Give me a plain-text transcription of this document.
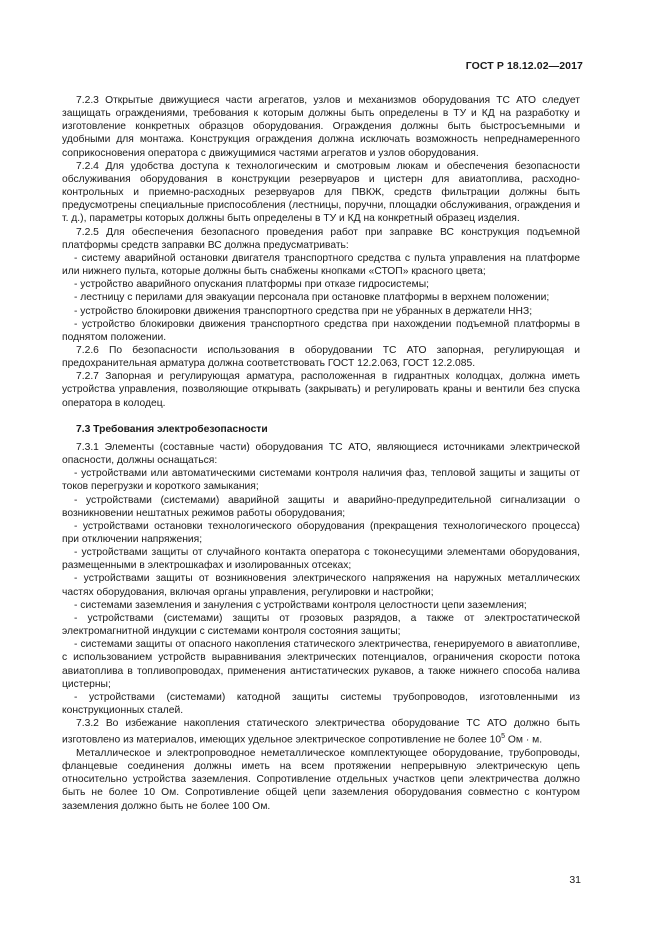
ГОСТ Р 18.12.02—2017

7.2.3 Открытые движущиеся части агрегатов, узлов и механизмов оборудования ТС АТО следует защищать ограждениями, требования к которым должны быть определены в ТУ и КД на разработку и изготовление конкретных образцов оборудования. Ограждения должны быть быстросъемными и удобными для монтажа. Конструкция ограждения должна исключать возможность непреднамеренного соприкосновения оператора с движущимися частями агрегатов и узлов оборудования.

7.2.4 Для удобства доступа к технологическим и смотровым люкам и обеспечения безопасности обслуживания оборудования в конструкции резервуаров и цистерн для авиатоплива, расходно-контрольных и приемно-расходных резервуаров для ПВКЖ, средств фильтрации должны быть предусмотрены специальные приспособления (лестницы, поручни, площадки обслуживания, ограждения и т. д.), параметры которых должны быть определены в ТУ и КД на конкретный образец изделия.

7.2.5 Для обеспечения безопасного проведения работ при заправке ВС конструкция подъемной платформы средств заправки ВС должна предусматривать:

- систему аварийной остановки двигателя транспортного средства с пульта управления на платформе или нижнего пульта, которые должны быть снабжены кнопками «СТОП» красного цвета;

- устройство аварийного опускания платформы при отказе гидросистемы;

- лестницу с перилами для эвакуации персонала при остановке платформы в верхнем положении;

- устройство блокировки движения транспортного средства при не убранных в держатели ННЗ;

- устройство блокировки движения транспортного средства при нахождении подъемной платформы в поднятом положении.

7.2.6 По безопасности использования в оборудовании ТС АТО запорная, регулирующая и предохранительная арматура должна соответствовать ГОСТ 12.2.063, ГОСТ 12.2.085.

7.2.7 Запорная и регулирующая арматура, расположенная в гидрантных колодцах, должна иметь устройства управления, позволяющие открывать (закрывать) и регулировать краны и вентили без спуска оператора в колодец.

7.3 Требования электробезопасности

7.3.1 Элементы (составные части) оборудования ТС АТО, являющиеся источниками электрической опасности, должны оснащаться:

- устройствами или автоматическими системами контроля наличия фаз, тепловой защиты и защиты от токов перегрузки и короткого замыкания;

- устройствами (системами) аварийной защиты и аварийно-предупредительной сигнализации о возникновении нештатных режимов работы оборудования;

- устройствами остановки технологического оборудования (прекращения технологического процесса) при отключении напряжения;

- устройствами защиты от случайного контакта оператора с токонесущими элементами оборудования, размещенными в электрошкафах и изолированных отсеках;

- устройствами защиты от возникновения электрического напряжения на наружных металлических частях оборудования, включая органы управления, регулировки и настройки;

- системами заземления и зануления с устройствами контроля целостности цепи заземления;

- устройствами (системами) защиты от грозовых разрядов, а также от электростатической электромагнитной индукции с системами контроля состояния защиты;

- системами защиты от опасного накопления статического электричества, генерируемого в авиатопливе, с использованием устройств выравнивания электрических потенциалов, ограничения скорости потока авиатоплива в топливопроводах, применения антистатических рукавов, а также нижнего способа налива цистерны;

- устройствами (системами) катодной защиты системы трубопроводов, изготовленными из конструкционных сталей.

7.3.2 Во избежание накопления статического электричества оборудование ТС АТО должно быть изготовлено из материалов, имеющих удельное электрическое сопротивление не более $10^5$ Ом · м.

Металлическое и электропроводное неметаллическое комплектующее оборудование, трубопроводы, фланцевые соединения должны иметь на всем протяжении непрерывную электрическую цепь относительно устройства заземления. Сопротивление отдельных участков цепи электричества должно быть не более 10 Ом. Сопротивление общей цепи заземления оборудования совместно с контуром заземления должно быть не более 100 Ом.

31
